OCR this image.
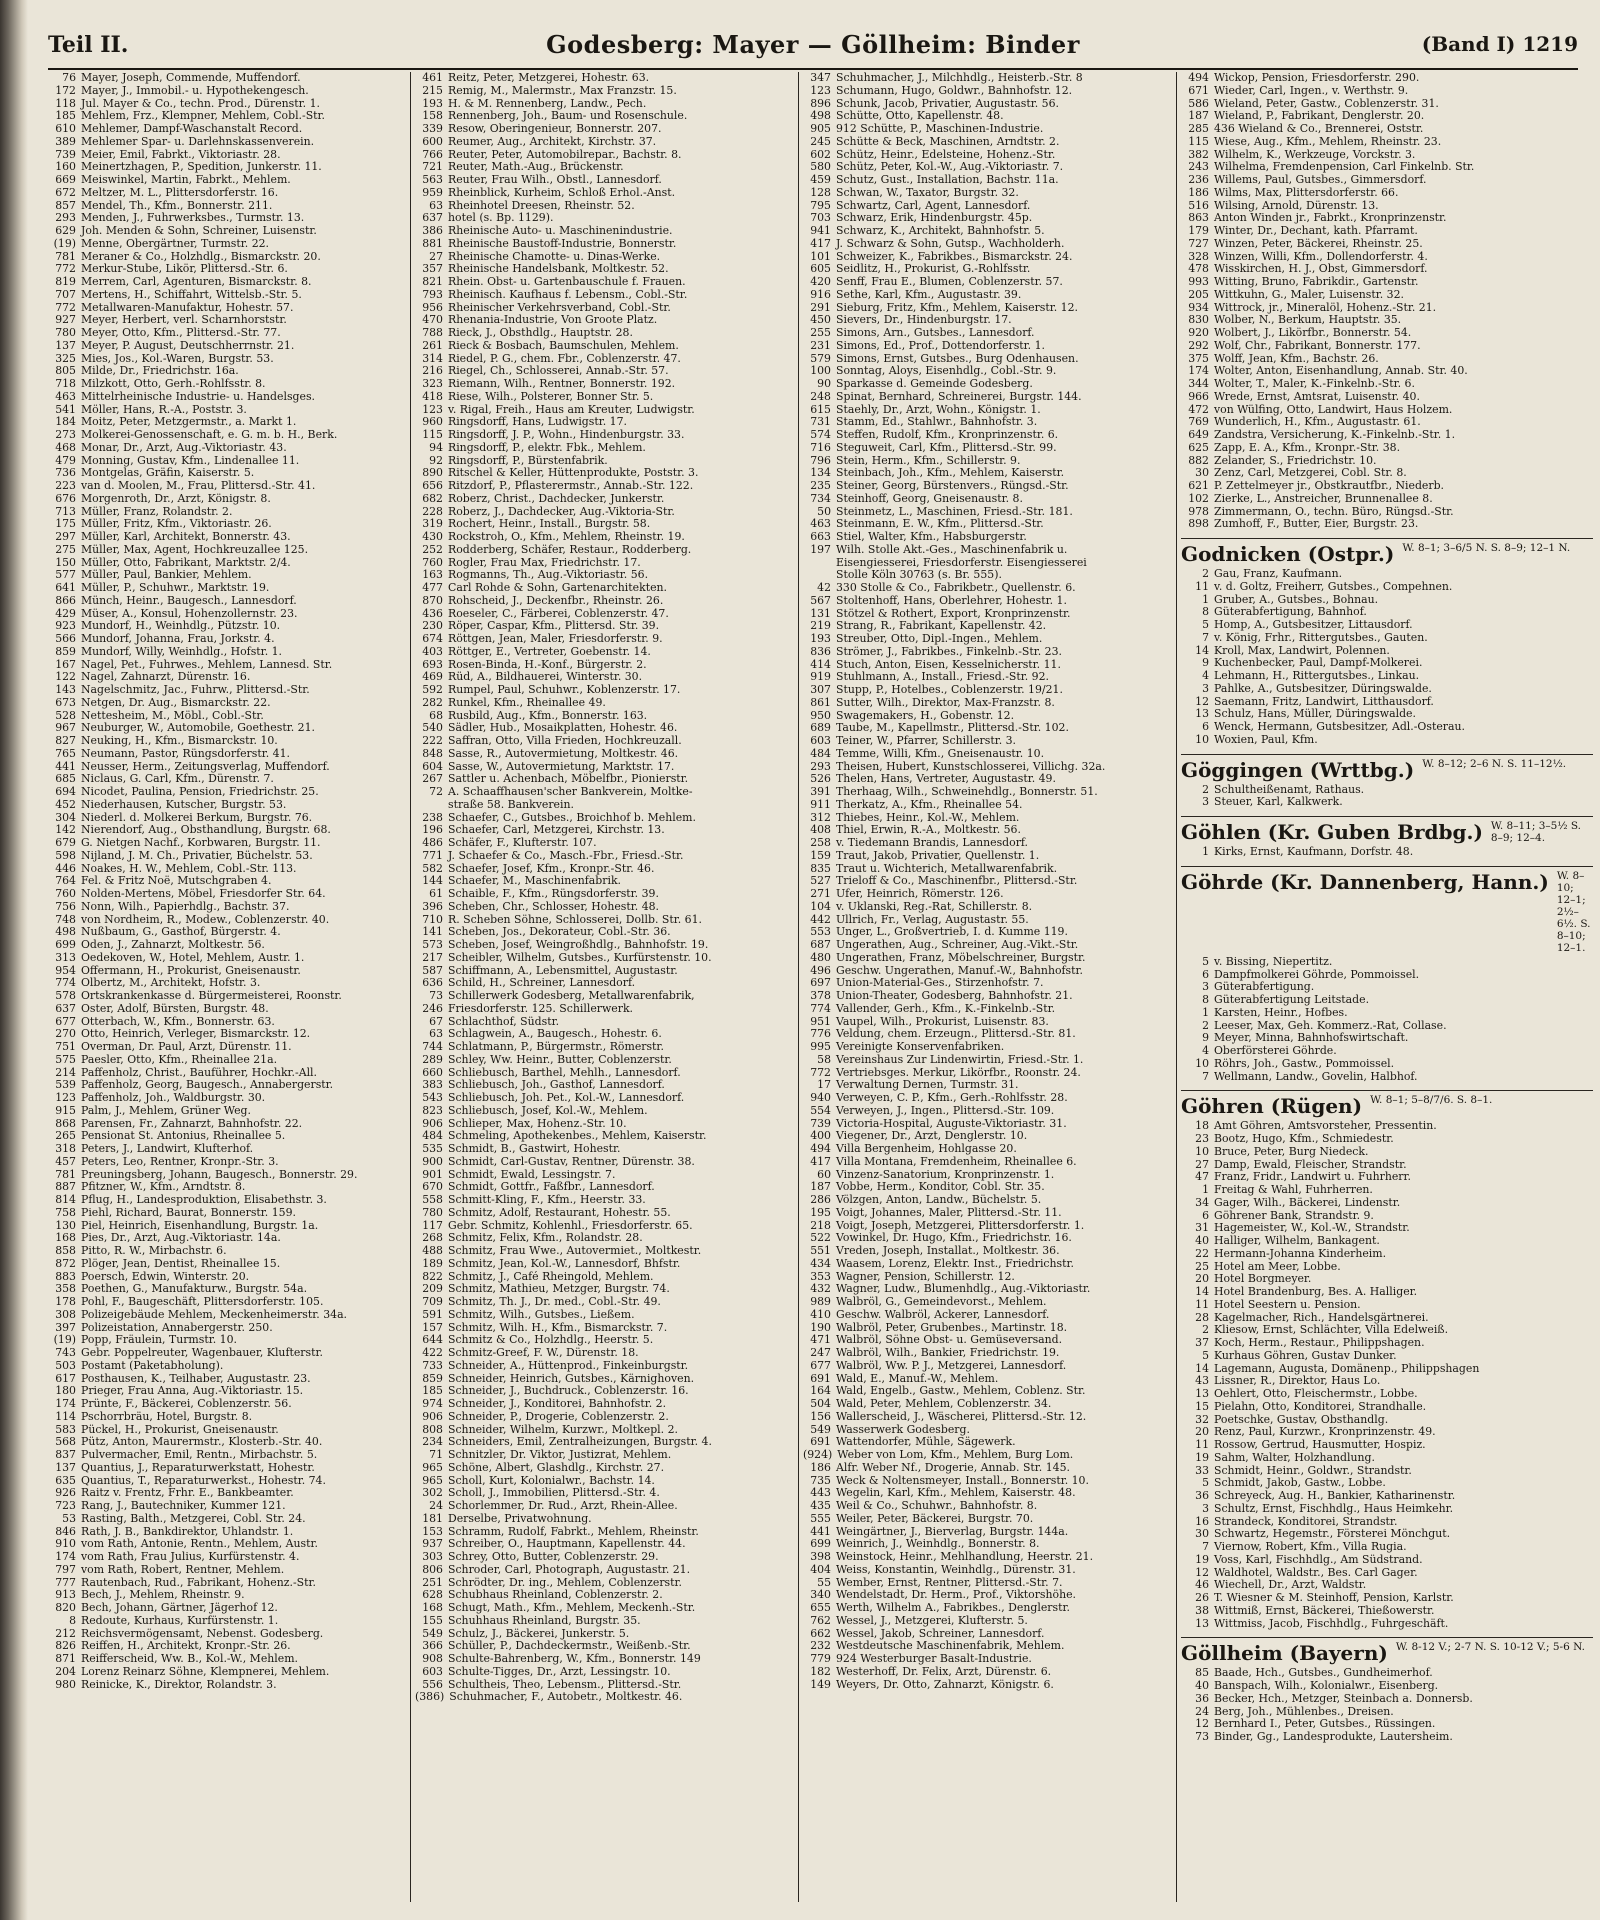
Teil II.	Godesberg: Mayer — Göllheim: Binder	(Band I) 1219
76 Mayer, Joseph, Commende, Muffendorf.
172 Mayer, J., Immobil.- u. Hypothekengesch.
118 Jul. Mayer & Co., techn. Prod., Dürenstr. 1.
185 Mehlem, Frz., Klempner, Mehlem, Cobl.-Str.
610 Mehlemer, Dampf-Waschanstalt Record.
389 Mehlemer Spar- u. Darlehnskassenverein.
739 Meier, Emil, Fabrkt., Viktoriastr. 28.
160 Meinertzhagen, P., Spedition, Junkerstr. 11.
669 Meiswinkel, Martin, Fabrkt., Mehlem.
672 Meltzer, M. L., Plittersdorferstr. 16.
857 Mendel, Th., Kfm., Bonnerstr. 211.
293 Menden, J., Fuhrwerksbes., Turmstr. 13.
629 Joh. Menden & Sohn, Schreiner, Luisenstr.
(19) Menne, Obergärtner, Turmstr. 22.
781 Meraner & Co., Holzhdlg., Bismarckstr. 20.
772 Merkur-Stube, Likör, Plittersd.-Str. 6.
819 Merrem, Carl, Agenturen, Bismarckstr. 8.
707 Mertens, H., Schiffahrt, Wittelsb.-Str. 5.
772 Metallwaren-Manufaktur, Hohestr. 57.
927 Meyer, Herbert, verl. Scharnhorststr.
780 Meyer, Otto, Kfm., Plittersd.-Str. 77.
137 Meyer, P. August, Deutschherrnstr. 21.
325 Mies, Jos., Kol.-Waren, Burgstr. 53.
805 Milde, Dr., Friedrichstr. 16a.
718 Milzkott, Otto, Gerh.-Rohlfsstr. 8.
463 Mittelrheinische Industrie- u. Handelsges.
541 Möller, Hans, R.-A., Poststr. 3.
184 Moitz, Peter, Metzgermstr., a. Markt 1.
273 Molkerei-Genossenschaft, e. G. m. b. H., Berk.
468 Monar, Dr., Arzt, Aug.-Viktoriastr. 43.
479 Monning, Gustav, Kfm., Lindenallee 11.
736 Montgelas, Gräfin, Kaiserstr. 5.
223 van d. Moolen, M., Frau, Plittersd.-Str. 41.
676 Morgenroth, Dr., Arzt, Königstr. 8.
713 Müller, Franz, Rolandstr. 2.
175 Müller, Fritz, Kfm., Viktoriastr. 26.
297 Müller, Karl, Architekt, Bonnerstr. 43.
275 Müller, Max, Agent, Hochkreuzallee 125.
150 Müller, Otto, Fabrikant, Marktstr. 2/4.
577 Müller, Paul, Bankier, Mehlem.
641 Müller, P., Schuhwr., Marktstr. 19.
866 Münch, Heinr., Baugesch., Lannesdorf.
429 Müser, A., Konsul, Hohenzollernstr. 23.
923 Mundorf, H., Weinhdlg., Pützstr. 10.
566 Mundorf, Johanna, Frau, Jorkstr. 4.
859 Mundorf, Willy, Weinhdlg., Hofstr. 1.
167 Nagel, Pet., Fuhrwes., Mehlem, Lannesd. Str.
122 Nagel, Zahnarzt, Dürenstr. 16.
143 Nagelschmitz, Jac., Fuhrw., Plittersd.-Str.
673 Netgen, Dr. Aug., Bismarckstr. 22.
528 Nettesheim, M., Möbl., Cobl.-Str.
967 Neuburger, W., Automobile, Goethestr. 21.
827 Neuking, H., Kfm., Bismarckstr. 10.
765 Neumann, Pastor, Rüngsdorferstr. 41.
441 Neusser, Herm., Zeitungsverlag, Muffendorf.
685 Niclaus, G. Carl, Kfm., Dürenstr. 7.
694 Nicodet, Paulina, Pension, Friedrichstr. 25.
452 Niederhausen, Kutscher, Burgstr. 53.
304 Niederl. d. Molkerei Berkum, Burgstr. 76.
142 Nierendorf, Aug., Obsthandlung, Burgstr. 68.
679 G. Nietgen Nachf., Korbwaren, Burgstr. 11.
598 Nijland, J. M. Ch., Privatier, Büchelstr. 53.
446 Noakes, H. W., Mehlem, Cobl.-Str. 113.
764 Fel. & Fritz Noë, Mutschgraben 4.
760 Nolden-Mertens, Möbel, Friesdorfer Str. 64.
756 Nonn, Wilh., Papierhdlg., Bachstr. 37.
748 von Nordheim, R., Modew., Coblenzerstr. 40.
498 Nußbaum, G., Gasthof, Bürgerstr. 4.
699 Oden, J., Zahnarzt, Moltkestr. 56.
313 Oedekoven, W., Hotel, Mehlem, Austr. 1.
954 Offermann, H., Prokurist, Gneisenaustr.
774 Olbertz, M., Architekt, Hofstr. 3.
578 Ortskrankenkasse d. Bürgermeisterei, Roonstr.
637 Oster, Adolf, Bürsten, Burgstr. 48.
677 Otterbach, W., Kfm., Bonnerstr. 63.
270 Otto, Heinrich, Verleger, Bismarckstr. 12.
751 Overman, Dr. Paul, Arzt, Dürenstr. 11.
575 Paesler, Otto, Kfm., Rheinallee 21a.
214 Paffenholz, Christ., Bauführer, Hochkr.-All.
539 Paffenholz, Georg, Baugesch., Annabergerstr.
123 Paffenholz, Joh., Waldburgstr. 30.
915 Palm, J., Mehlem, Grüner Weg.
868 Parensen, Fr., Zahnarzt, Bahnhofstr. 22.
265 Pensionat St. Antonius, Rheinallee 5.
318 Peters, J., Landwirt, Klufterhof.
457 Peters, Leo, Rentner, Kronpr.-Str. 3.
781 Preuningsberg, Johann, Baugesch., Bonnerstr. 29.
887 Pfitzner, W., Kfm., Arndtstr. 8.
814 Pflug, H., Landesproduktion, Elisabethstr. 3.
758 Piehl, Richard, Baurat, Bonnerstr. 159.
130 Piel, Heinrich, Eisenhandlung, Burgstr. 1a.
168 Pies, Dr., Arzt, Aug.-Viktoriastr. 14a.
858 Pitto, R. W., Mirbachstr. 6.
872 Plöger, Jean, Dentist, Rheinallee 15.
883 Poersch, Edwin, Winterstr. 20.
358 Poethen, G., Manufakturw., Burgstr. 54a.
178 Pohl, F., Baugeschäft, Plittersdorferstr. 105.
308 Polizeigebäude Mehlem, Meckenheimerstr. 34a.
397 Polizeistation, Annabergerstr. 250.
(19) Popp, Fräulein, Turmstr. 10.
743 Gebr. Poppelreuter, Wagenbauer, Klufterstr.
503 Postamt (Paketabholung).
617 Posthausen, K., Teilhaber, Augustastr. 23.
180 Prieger, Frau Anna, Aug.-Viktoriastr. 15.
174 Prünte, F., Bäckerei, Coblenzerstr. 56.
114 Pschorrbräu, Hotel, Burgstr. 8.
583 Pückel, H., Prokurist, Gneisenaustr.
568 Pütz, Anton, Maurermstr., Klosterb.-Str. 40.
837 Pulvermacher, Emil, Rentn., Mirbachstr. 5.
137 Quantius, J., Reparaturwerkstatt, Hohestr.
635 Quantius, T., Reparaturwerkst., Hohestr. 74.
926 Raitz v. Frentz, Frhr. E., Bankbeamter.
723 Rang, J., Bautechniker, Kummer 121.
53 Rasting, Balth., Metzgerei, Cobl. Str. 24.
846 Rath, J. B., Bankdirektor, Uhlandstr. 1.
910 vom Rath, Antonie, Rentn., Mehlem, Austr.
174 vom Rath, Frau Julius, Kurfürstenstr. 4.
797 vom Rath, Robert, Rentner, Mehlem.
777 Rautenbach, Rud., Fabrikant, Hohenz.-Str.
913 Bech, J., Mehlem, Rheinstr. 9.
820 Bech, Johann, Gärtner, Jägerhof 12.
8 Redoute, Kurhaus, Kurfürstenstr. 1.
212 Reichsvermögensamt, Nebenst. Godesberg.
826 Reiffen, H., Architekt, Kronpr.-Str. 26.
871 Reifferscheid, Ww. B., Kol.-W., Mehlem.
204 Lorenz Reinarz Söhne, Klempnerei, Mehlem.
980 Reinicke, K., Direktor, Rolandstr. 3.
461 Reitz, Peter, Metzgerei, Hohestr. 63.
215 Remig, M., Malermstr., Max Franzstr. 15.
193 H. & M. Rennenberg, Landw., Pech.
158 Rennenberg, Joh., Baum- und Rosenschule.
339 Resow, Oberingenieur, Bonnerstr. 207.
600 Reumer, Aug., Architekt, Kirchstr. 37.
766 Reuter, Peter, Automobilrepar., Bachstr. 8.
721 Reuter, Math.-Aug., Brückenstr.
563 Reuter, Frau Wilh., Obstl., Lannesdorf.
959 Rheinblick, Kurheim, Schloß Erhol.-Anst.
63 Rheinhotel Dreesen, Rheinstr. 52.
637 hotel (s. Bp. 1129).
386 Rheinische Auto- u. Maschinenindustrie.
881 Rheinische Baustoff-Industrie, Bonnerstr.
27 Rheinische Chamotte- u. Dinas-Werke.
357 Rheinische Handelsbank, Moltkestr. 52.
821 Rhein. Obst- u. Gartenbauschule f. Frauen.
793 Rheinisch. Kaufhaus f. Lebensm., Cobl.-Str.
956 Rheinischer Verkehrsverband, Cobl.-Str.
470 Rhenania-Industrie, Von Groote Platz.
788 Rieck, J., Obsthdlg., Hauptstr. 28.
261 Rieck & Bosbach, Baumschulen, Mehlem.
314 Riedel, P. G., chem. Fbr., Coblenzerstr. 47.
216 Riegel, Ch., Schlosserei, Annab.-Str. 57.
323 Riemann, Wilh., Rentner, Bonnerstr. 192.
418 Riese, Wilh., Polsterer, Bonner Str. 5.
123 v. Rigal, Freih., Haus am Kreuter, Ludwigstr.
960 Ringsdorff, Hans, Ludwigstr. 17.
115 Ringsdorff, J. P., Wohn., Hindenburgstr. 33.
94 Ringsdorff, P., elektr. Fbk., Mehlem.
92 Ringsdorff, P., Bürstenfabrik.
890 Ritschel & Keller, Hüttenprodukte, Poststr. 3.
656 Ritzdorf, P., Pflasterermstr., Annab.-Str. 122.
682 Roberz, Christ., Dachdecker, Junkerstr.
228 Roberz, J., Dachdecker, Aug.-Viktoria-Str.
319 Rochert, Heinr., Install., Burgstr. 58.
430 Rockstroh, O., Kfm., Mehlem, Rheinstr. 19.
252 Rodderberg, Schäfer, Restaur., Rodderberg.
760 Rogler, Frau Max, Friedrichstr. 17.
163 Rogmanns, Th., Aug.-Viktoriastr. 56.
477 Carl Rohde & Sohn, Gartenarchitekten.
870 Rohscheid, J., Deckenfbr., Rheinstr. 26.
436 Roeseler, C., Färberei, Coblenzerstr. 47.
230 Röper, Caspar, Kfm., Plittersd. Str. 39.
674 Röttgen, Jean, Maler, Friesdorferstr. 9.
403 Röttger, E., Vertreter, Goebenstr. 14.
693 Rosen-Binda, H.-Konf., Bürgerstr. 2.
469 Rüd, A., Bildhauerei, Winterstr. 30.
592 Rumpel, Paul, Schuhwr., Koblenzerstr. 17.
282 Runkel, Kfm., Rheinallee 49.
68 Rusbild, Aug., Kfm., Bonnerstr. 163.
540 Sädler, Hub., Mosaikplatten, Hohestr. 46.
222 Saffran, Otto, Villa Frieden, Hochkreuzall.
848 Sasse, R., Autovermietung, Moltkestr. 46.
604 Sasse, W., Autovermietung, Marktstr. 17.
267 Sattler u. Achenbach, Möbelfbr., Pionierstr.
72 A. Schaaffhausen'scher Bankverein, Moltke-
straße 58. Bankverein.
238 Schaefer, C., Gutsbes., Broichhof b. Mehlem.
196 Schaefer, Carl, Metzgerei, Kirchstr. 13.
486 Schäfer, F., Klufterstr. 107.
771 J. Schaefer & Co., Masch.-Fbr., Friesd.-Str.
582 Schaefer, Josef, Kfm., Kronpr.-Str. 46.
144 Schaefer, M., Maschinenfabrik.
61 Schaible, F., Kfm., Rüngsdorferstr. 39.
396 Scheben, Chr., Schlosser, Hohestr. 48.
710 R. Scheben Söhne, Schlosserei, Dollb. Str. 61.
141 Scheben, Jos., Dekorateur, Cobl.-Str. 36.
573 Scheben, Josef, Weingroßhdlg., Bahnhofstr. 19.
217 Scheibler, Wilhelm, Gutsbes., Kurfürstenstr. 10.
587 Schiffmann, A., Lebensmittel, Augustastr.
636 Schild, H., Schreiner, Lannesdorf.
73 Schillerwerk Godesberg, Metallwarenfabrik,
246 Friesdorferstr. 125. Schillerwerk.
67 Schlachthof, Südstr.
63 Schlagwein, A., Baugesch., Hohestr. 6.
744 Schlatmann, P., Bürgermstr., Römerstr.
289 Schley, Ww. Heinr., Butter, Coblenzerstr.
660 Schliebusch, Barthel, Mehlh., Lannesdorf.
383 Schliebusch, Joh., Gasthof, Lannesdorf.
543 Schliebusch, Joh. Pet., Kol.-W., Lannesdorf.
823 Schliebusch, Josef, Kol.-W., Mehlem.
906 Schlieper, Max, Hohenz.-Str. 10.
484 Schmeling, Apothekenbes., Mehlem, Kaiserstr.
535 Schmidt, B., Gastwirt, Hohestr.
900 Schmidt, Carl-Gustav, Rentner, Dürenstr. 38.
901 Schmidt, Ewald, Lessingstr. 7.
670 Schmidt, Gottfr., Faßfbr., Lannesdorf.
558 Schmitt-Kling, F., Kfm., Heerstr. 33.
780 Schmitz, Adolf, Restaurant, Hohestr. 55.
117 Gebr. Schmitz, Kohlenhl., Friesdorferstr. 65.
268 Schmitz, Felix, Kfm., Rolandstr. 28.
488 Schmitz, Frau Wwe., Autovermiet., Moltkestr.
189 Schmitz, Jean, Kol.-W., Lannesdorf, Bhfstr.
822 Schmitz, J., Café Rheingold, Mehlem.
209 Schmitz, Mathieu, Metzger, Burgstr. 74.
709 Schmitz, Th. J., Dr. med., Cobl.-Str. 49.
591 Schmitz, Wilh., Gutsbes., Ließem.
157 Schmitz, Wilh. H., Kfm., Bismarckstr. 7.
644 Schmitz & Co., Holzhdlg., Heerstr. 5.
422 Schmitz-Greef, F. W., Dürenstr. 18.
733 Schneider, A., Hüttenprod., Finkeinburgstr.
859 Schneider, Heinrich, Gutsbes., Kärnighoven.
185 Schneider, J., Buchdruck., Coblenzerstr. 16.
974 Schneider, J., Konditorei, Bahnhofstr. 2.
906 Schneider, P., Drogerie, Coblenzerstr. 2.
808 Schneider, Wilhelm, Kurzwr., Moltkepl. 2.
234 Schneiders, Emil, Zentralheizungen, Burgstr. 4.
71 Schnitzler, Dr. Viktor, Justizrat, Mehlem.
965 Schöne, Albert, Glashdlg., Kirchstr. 27.
965 Scholl, Kurt, Kolonialwr., Bachstr. 14.
302 Scholl, J., Immobilien, Plittersd.-Str. 4.
24 Schorlemmer, Dr. Rud., Arzt, Rhein-Allee.
181 Derselbe, Privatwohnung.
153 Schramm, Rudolf, Fabrkt., Mehlem, Rheinstr.
937 Schreiber, O., Hauptmann, Kapellenstr. 44.
303 Schrey, Otto, Butter, Coblenzerstr. 29.
806 Schroder, Carl, Photograph, Augustastr. 21.
251 Schrödter, Dr. ing., Mehlem, Coblenzerstr.
628 Schubhaus Rheinland, Coblenzerstr. 2.
168 Schugt, Math., Kfm., Mehlem, Meckenh.-Str.
155 Schuhhaus Rheinland, Burgstr. 35.
549 Schulz, J., Bäckerei, Junkerstr. 5.
366 Schüller, P., Dachdeckermstr., Weißenb.-Str.
908 Schulte-Bahrenberg, W., Kfm., Bonnerstr. 149
603 Schulte-Tigges, Dr., Arzt, Lessingstr. 10.
556 Schultheis, Theo, Lebensm., Plittersd.-Str.
(386) Schuhmacher, F., Autobetr., Moltkestr. 46.
347 Schuhmacher, J., Milchhdlg., Heisterb.-Str. 8
123 Schumann, Hugo, Goldwr., Bahnhofstr. 12.
896 Schunk, Jacob, Privatier, Augustastr. 56.
498 Schütte, Otto, Kapellenstr. 48.
905 912 Schütte, P., Maschinen-Industrie.
245 Schütte & Beck, Maschinen, Arndtstr. 2.
602 Schütz, Heinr., Edelsteine, Hohenz.-Str.
580 Schütz, Peter, Kol.-W., Aug.-Viktoriastr. 7.
459 Schutz, Gust., Installation, Bachstr. 11a.
128 Schwan, W., Taxator, Burgstr. 32.
795 Schwartz, Carl, Agent, Lannesdorf.
703 Schwarz, Erik, Hindenburgstr. 45p.
941 Schwarz, K., Architekt, Bahnhofstr. 5.
417 J. Schwarz & Sohn, Gutsp., Wachholderh.
101 Schweizer, K., Fabrikbes., Bismarckstr. 24.
605 Seidlitz, H., Prokurist, G.-Rohlfsstr.
420 Senff, Frau E., Blumen, Coblenzerstr. 57.
916 Sethe, Karl, Kfm., Augustastr. 39.
291 Sieburg, Fritz, Kfm., Mehlem, Kaiserstr. 12.
450 Sievers, Dr., Hindenburgstr. 17.
255 Simons, Arn., Gutsbes., Lannesdorf.
231 Simons, Ed., Prof., Dottendorferstr. 1.
579 Simons, Ernst, Gutsbes., Burg Odenhausen.
100 Sonntag, Aloys, Eisenhdlg., Cobl.-Str. 9.
90 Sparkasse d. Gemeinde Godesberg.
248 Spinat, Bernhard, Schreinerei, Burgstr. 144.
615 Staehly, Dr., Arzt, Wohn., Königstr. 1.
731 Stamm, Ed., Stahlwr., Bahnhofstr. 3.
574 Steffen, Rudolf, Kfm., Kronprinzenstr. 6.
716 Steguweit, Carl, Kfm., Plittersd.-Str. 99.
796 Stein, Herm., Kfm., Schillerstr. 9.
134 Steinbach, Joh., Kfm., Mehlem, Kaiserstr.
235 Steiner, Georg, Bürstenvers., Rüngsd.-Str.
734 Steinhoff, Georg, Gneisenaustr. 8.
50 Steinmetz, L., Maschinen, Friesd.-Str. 181.
463 Steinmann, E. W., Kfm., Plittersd.-Str.
663 Stiel, Walter, Kfm., Habsburgerstr.
197 Wilh. Stolle Akt.-Ges., Maschinenfabrik u.
Eisengiesserei, Friesdorferstr. Eisengiesserei
Stolle Köln 30763 (s. Br. 555).
42 330 Stolle & Co., Fabrikbetr., Quellenstr. 6.
567 Stoltenhoff, Hans, Oberlehrer, Hohestr. 1.
131 Stötzel & Rothert, Export, Kronprinzenstr.
219 Strang, R., Fabrikant, Kapellenstr. 42.
193 Streuber, Otto, Dipl.-Ingen., Mehlem.
836 Strömer, J., Fabrikbes., Finkelnb.-Str. 23.
414 Stuch, Anton, Eisen, Kesselnicherstr. 11.
919 Stuhlmann, A., Install., Friesd.-Str. 92.
307 Stupp, P., Hotelbes., Coblenzerstr. 19/21.
861 Sutter, Wilh., Direktor, Max-Franzstr. 8.
950 Swagemakers, H., Gobenstr. 12.
689 Taube, M., Kapellmstr., Plittersd.-Str. 102.
603 Teiner, W., Pfarrer, Schillerstr. 3.
484 Temme, Willi, Kfm., Gneisenaustr. 10.
293 Theisen, Hubert, Kunstschlosserei, Villichg. 32a.
526 Thelen, Hans, Vertreter, Augustastr. 49.
391 Therhaag, Wilh., Schweinehdlg., Bonnerstr. 51.
911 Therkatz, A., Kfm., Rheinallee 54.
312 Thiebes, Heinr., Kol.-W., Mehlem.
408 Thiel, Erwin, R.-A., Moltkestr. 56.
258 v. Tiedemann Brandis, Lannesdorf.
159 Traut, Jakob, Privatier, Quellenstr. 1.
835 Traut u. Wichterich, Metallwarenfabrik.
527 Trieloff & Co., Maschinenfbr., Plittersd.-Str.
271 Ufer, Heinrich, Römerstr. 126.
104 v. Uklanski, Reg.-Rat, Schillerstr. 8.
442 Ullrich, Fr., Verlag, Augustastr. 55.
553 Unger, L., Großvertrieb, I. d. Kumme 119.
687 Ungerathen, Aug., Schreiner, Aug.-Vikt.-Str.
480 Ungerathen, Franz, Möbelschreiner, Burgstr.
496 Geschw. Ungerathen, Manuf.-W., Bahnhofstr.
697 Union-Material-Ges., Stirzenhofstr. 7.
378 Union-Theater, Godesberg, Bahnhofstr. 21.
774 Vallender, Gerh., Kfm., K.-Finkelnb.-Str.
951 Vaupel, Wilh., Prokurist, Luisenstr. 83.
776 Veldung, chem. Erzeugn., Plittersd.-Str. 81.
995 Vereinigte Konservenfabriken.
58 Vereinshaus Zur Lindenwirtin, Friesd.-Str. 1.
772 Vertriebsges. Merkur, Likörfbr., Roonstr. 24.
17 Verwaltung Dernen, Turmstr. 31.
940 Verweyen, C. P., Kfm., Gerh.-Rohlfsstr. 28.
554 Verweyen, J., Ingen., Plittersd.-Str. 109.
739 Victoria-Hospital, Auguste-Viktoriastr. 31.
400 Viegener, Dr., Arzt, Denglerstr. 10.
494 Villa Bergenheim, Hohlgasse 20.
417 Villa Montana, Fremdenheim, Rheinallee 6.
60 Vinzenz-Sanatorium, Kronprinzenstr. 1.
187 Vobbe, Herm., Konditor, Cobl. Str. 35.
286 Völzgen, Anton, Landw., Büchelstr. 5.
195 Voigt, Johannes, Maler, Plittersd.-Str. 11.
218 Voigt, Joseph, Metzgerei, Plittersdorferstr. 1.
522 Vowinkel, Dr. Hugo, Kfm., Friedrichstr. 16.
551 Vreden, Joseph, Installat., Moltkestr. 36.
434 Waasem, Lorenz, Elektr. Inst., Friedrichstr.
353 Wagner, Pension, Schillerstr. 12.
432 Wagner, Ludw., Blumenhdlg., Aug.-Viktoriastr.
989 Walbröl, G., Gemeindevorst., Mehlem.
410 Geschw. Walbröl, Ackerer, Lannesdorf.
190 Walbröl, Peter, Grubenbes., Martinstr. 18.
471 Walbröl, Söhne Obst- u. Gemüseversand.
247 Walbröl, Wilh., Bankier, Friedrichstr. 19.
677 Walbröl, Ww. P. J., Metzgerei, Lannesdorf.
691 Wald, E., Manuf.-W., Mehlem.
164 Wald, Engelb., Gastw., Mehlem, Coblenz. Str.
504 Wald, Peter, Mehlem, Coblenzerstr. 34.
156 Wallerscheid, J., Wäscherei, Plittersd.-Str. 12.
549 Wasserwerk Godesberg.
691 Wattendorfer, Mühle, Sägewerk.
(924) Weber von Lom, Kfm., Mehlem, Burg Lom.
186 Alfr. Weber Nf., Drogerie, Annab. Str. 145.
735 Weck & Noltensmeyer, Install., Bonnerstr. 10.
443 Wegelin, Karl, Kfm., Mehlem, Kaiserstr. 48.
435 Weil & Co., Schuhwr., Bahnhofstr. 8.
555 Weiler, Peter, Bäckerei, Burgstr. 70.
441 Weingärtner, J., Bierverlag, Burgstr. 144a.
699 Weinrich, J., Weinhdlg., Bonnerstr. 8.
398 Weinstock, Heinr., Mehlhandlung, Heerstr. 21.
404 Weiss, Konstantin, Weinhdlg., Dürenstr. 31.
55 Wember, Ernst, Rentner, Plittersd.-Str. 7.
340 Wendelstadt, Dr. Herm., Prof., Viktorshöhe.
655 Werth, Wilhelm A., Fabrikbes., Denglerstr.
762 Wessel, J., Metzgerei, Klufterstr. 5.
662 Wessel, Jakob, Schreiner, Lannesdorf.
232 Westdeutsche Maschinenfabrik, Mehlem.
779 924 Westerburger Basalt-Industrie.
182 Westerhoff, Dr. Felix, Arzt, Dürenstr. 6.
149 Weyers, Dr. Otto, Zahnarzt, Königstr. 6.
494 Wickop, Pension, Friesdorferstr. 290.
671 Wieder, Carl, Ingen., v. Werthstr. 9.
586 Wieland, Peter, Gastw., Coblenzerstr. 31.
187 Wieland, P., Fabrikant, Denglerstr. 20.
285 436 Wieland & Co., Brennerei, Oststr.
115 Wiese, Aug., Kfm., Mehlem, Rheinstr. 23.
382 Wilhelm, K., Werkzeuge, Vorckstr. 3.
243 Wilhelma, Fremdenpension, Carl Finkelnb. Str.
236 Willems, Paul, Gutsbes., Gimmersdorf.
186 Wilms, Max, Plittersdorferstr. 66.
516 Wilsing, Arnold, Dürenstr. 13.
863 Anton Winden jr., Fabrkt., Kronprinzenstr.
179 Winter, Dr., Dechant, kath. Pfarramt.
727 Winzen, Peter, Bäckerei, Rheinstr. 25.
328 Winzen, Willi, Kfm., Dollendorferstr. 4.
478 Wisskirchen, H. J., Obst, Gimmersdorf.
993 Witting, Bruno, Fabrikdir., Gartenstr.
205 Wittkuhn, G., Maler, Luisenstr. 32.
934 Wittrock, jr., Mineralöl, Hohenz.-Str. 21.
830 Wolber, N., Berkum, Hauptstr. 35.
920 Wolbert, J., Likörfbr., Bonnerstr. 54.
292 Wolf, Chr., Fabrikant, Bonnerstr. 177.
375 Wolff, Jean, Kfm., Bachstr. 26.
174 Wolter, Anton, Eisenhandlung, Annab. Str. 40.
344 Wolter, T., Maler, K.-Finkelnb.-Str. 6.
966 Wrede, Ernst, Amtsrat, Luisenstr. 40.
472 von Wülfing, Otto, Landwirt, Haus Holzem.
769 Wunderlich, H., Kfm., Augustastr. 61.
649 Zandstra, Versicherung, K.-Finkelnb.-Str. 1.
625 Zapp, E. A., Kfm., Kronpr.-Str. 38.
882 Zelander, S., Friedrichstr. 10.
30 Zenz, Carl, Metzgerei, Cobl. Str. 8.
621 P. Zettelmeyer jr., Obstkrautfbr., Niederb.
102 Zierke, L., Anstreicher, Brunnenallee 8.
978 Zimmermann, O., techn. Büro, Rüngsd.-Str.
898 Zumhoff, F., Butter, Eier, Burgstr. 23.
Godnicken (Ostpr.) W. 8–1; 3–6/5 N. S. 8–9; 12–1 N.
2 Gau, Franz, Kaufmann.
11 v. d. Goltz, Freiherr, Gutsbes., Compehnen.
1 Gruber, A., Gutsbes., Bohnau.
8 Güterabfertigung, Bahnhof.
5 Homp, A., Gutsbesitzer, Littausdorf.
7 v. König, Frhr., Rittergutsbes., Gauten.
14 Kroll, Max, Landwirt, Polennen.
9 Kuchenbecker, Paul, Dampf-Molkerei.
4 Lehmann, H., Rittergutsbes., Linkau.
3 Pahlke, A., Gutsbesitzer, Düringswalde.
12 Saemann, Fritz, Landwirt, Litthausdorf.
13 Schulz, Hans, Müller, Düringswalde.
6 Wenck, Hermann, Gutsbesitzer, Adl.-Osterau.
10 Woxien, Paul, Kfm.
Göggingen (Wrttbg.) W. 8–12; 2–6 N. S. 11–12½.
2 Schultheißenamt, Rathaus.
3 Steuer, Karl, Kalkwerk.
Göhlen (Kr. Guben Brdbg.) W. 8–11; 3–5½ S. 8–9; 12–4.
1 Kirks, Ernst, Kaufmann, Dorfstr. 48.
Göhrde (Kr. Dannenberg, Hann.) W. 8–10; 12–1; 2½–6½. S. 8–10; 12–1.
5 v. Bissing, Niepertitz.
6 Dampfmolkerei Göhrde, Pommoissel.
3 Güterabfertigung.
8 Güterabfertigung Leitstade.
1 Karsten, Heinr., Hofbes.
2 Leeser, Max, Geh. Kommerz.-Rat, Collase.
9 Meyer, Minna, Bahnhofswirtschaft.
4 Oberförsterei Göhrde.
10 Röhrs, Joh., Gastw., Pommoissel.
7 Wellmann, Landw., Govelin, Halbhof.
Göhren (Rügen) W. 8–1; 5–8/7/6. S. 8–1.
18 Amt Göhren, Amtsvorsteher, Pressentin.
23 Bootz, Hugo, Kfm., Schmiedestr.
10 Bruce, Peter, Burg Niedeck.
27 Damp, Ewald, Fleischer, Strandstr.
47 Franz, Fridr., Landwirt u. Fuhrherr.
1 Freitag & Wahl, Fuhrherren.
34 Gager, Wilh., Bäckerei, Lindenstr.
6 Göhrener Bank, Strandstr. 9.
31 Hagemeister, W., Kol.-W., Strandstr.
40 Halliger, Wilhelm, Bankagent.
22 Hermann-Johanna Kinderheim.
25 Hotel am Meer, Lobbe.
20 Hotel Borgmeyer.
14 Hotel Brandenburg, Bes. A. Halliger.
11 Hotel Seestern u. Pension.
28 Kagelmacher, Rich., Handelsgärtnerei.
2 Kliesow, Ernst, Schlächter, Villa Edelweiß.
37 Koch, Herm., Restaur., Philippshagen.
5 Kurhaus Göhren, Gustav Dunker.
14 Lagemann, Augusta, Domänenp., Philippshagen
43 Lissner, R., Direktor, Haus Lo.
13 Oehlert, Otto, Fleischermstr., Lobbe.
15 Pielahn, Otto, Konditorei, Strandhalle.
32 Poetschke, Gustav, Obsthandlg.
20 Renz, Paul, Kurzwr., Kronprinzenstr. 49.
11 Rossow, Gertrud, Hausmutter, Hospiz.
19 Sahm, Walter, Holzhandlung.
33 Schmidt, Heinr., Goldwr., Strandstr.
5 Schmidt, Jakob, Gastw., Lobbe.
36 Schreyeck, Aug. H., Bankier, Katharinenstr.
3 Schultz, Ernst, Fischhdlg., Haus Heimkehr.
16 Strandeck, Konditorei, Strandstr.
30 Schwartz, Hegemstr., Försterei Mönchgut.
7 Viernow, Robert, Kfm., Villa Rugia.
19 Voss, Karl, Fischhdlg., Am Südstrand.
12 Waldhotel, Waldstr., Bes. Carl Gager.
46 Wiechell, Dr., Arzt, Waldstr.
26 T. Wiesner & M. Steinhoff, Pension, Karlstr.
38 Wittmiß, Ernst, Bäckerei, Thießowerstr.
13 Wittmiss, Jacob, Fischhdlg., Fuhrgeschäft.
Göllheim (Bayern) W. 8-12 V.; 2-7 N. S. 10-12 V.; 5-6 N.
85 Baade, Hch., Gutsbes., Gundheimerhof.
40 Banspach, Wilh., Kolonialwr., Eisenberg.
36 Becker, Hch., Metzger, Steinbach a. Donnersb.
24 Berg, Joh., Mühlenbes., Dreisen.
12 Bernhard I., Peter, Gutsbes., Rüssingen.
73 Binder, Gg., Landesprodukte, Lautersheim.
